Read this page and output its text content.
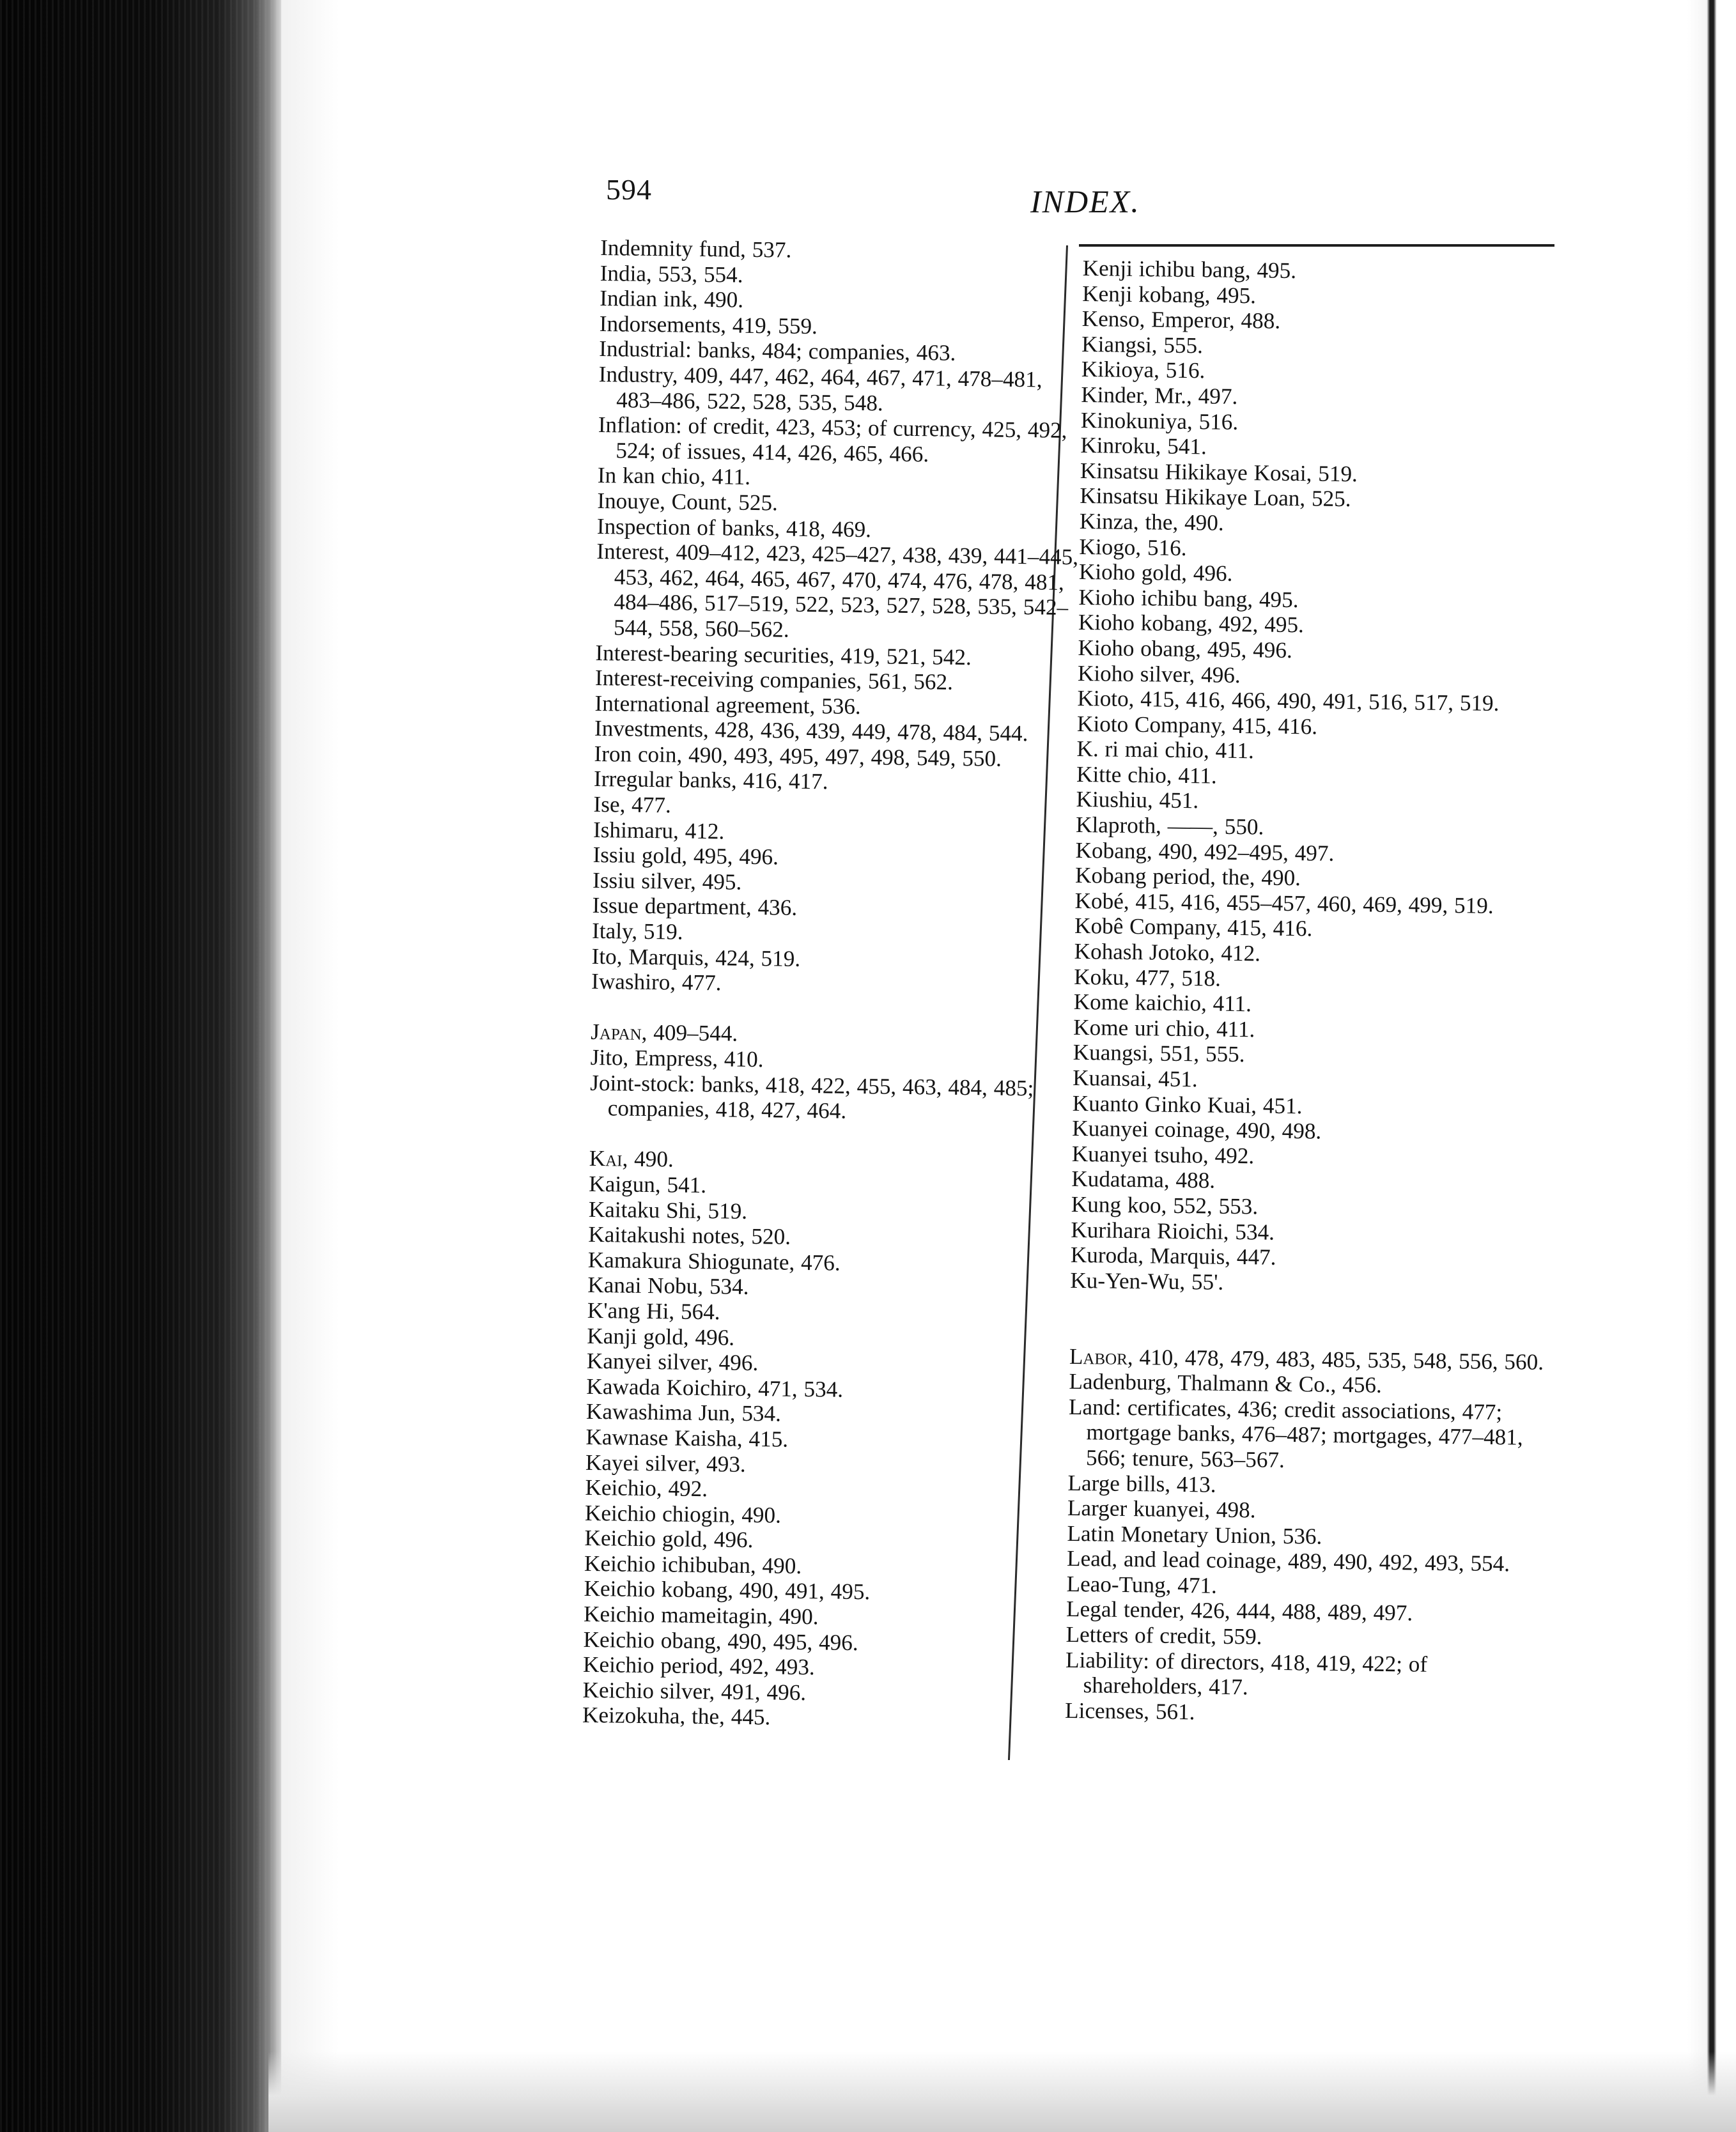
594	INDEX.
Indemnity fund, 537.
India, 553, 554.
Indian ink, 490.
Indorsements, 419, 559.
Industrial: banks, 484; companies, 463.
Industry, 409, 447, 462, 464, 467, 471, 478–481, 483–486, 522, 528, 535, 548.
Inflation: of credit, 423, 453; of currency, 425, 492, 524; of issues, 414, 426, 465, 466.
In kan chio, 411.
Inouye, Count, 525.
Inspection of banks, 418, 469.
Interest, 409–412, 423, 425–427, 438, 439, 441–445, 453, 462, 464, 465, 467, 470, 474, 476, 478, 481, 484–486, 517–519, 522, 523, 527, 528, 535, 542–544, 558, 560–562.
Interest-bearing securities, 419, 521, 542.
Interest-receiving companies, 561, 562.
International agreement, 536.
Investments, 428, 436, 439, 449, 478, 484, 544.
Iron coin, 490, 493, 495, 497, 498, 549, 550.
Irregular banks, 416, 417.
Ise, 477.
Ishimaru, 412.
Issiu gold, 495, 496.
Issiu silver, 495.
Issue department, 436.
Italy, 519.
Ito, Marquis, 424, 519.
Iwashiro, 477.
Japan, 409–544.
Jito, Empress, 410.
Joint-stock: banks, 418, 422, 455, 463, 484, 485; companies, 418, 427, 464.
Kai, 490.
Kaigun, 541.
Kaitaku Shi, 519.
Kaitakushi notes, 520.
Kamakura Shiogunate, 476.
Kanai Nobu, 534.
K'ang Hi, 564.
Kanji gold, 496.
Kanyei silver, 496.
Kawada Koichiro, 471, 534.
Kawashima Jun, 534.
Kawnase Kaisha, 415.
Kayei silver, 493.
Keichio, 492.
Keichio chiogin, 490.
Keichio gold, 496.
Keichio ichibuban, 490.
Keichio kobang, 490, 491, 495.
Keichio mameitagin, 490.
Keichio obang, 490, 495, 496.
Keichio period, 492, 493.
Keichio silver, 491, 496.
Keizokuha, the, 445.
Kenji ichibu bang, 495.
Kenji kobang, 495.
Kenso, Emperor, 488.
Kiangsi, 555.
Kikioya, 516.
Kinder, Mr., 497.
Kinokuniya, 516.
Kinroku, 541.
Kinsatsu Hikikaye Kosai, 519.
Kinsatsu Hikikaye Loan, 525.
Kinza, the, 490.
Kiogo, 516.
Kioho gold, 496.
Kioho ichibu bang, 495.
Kioho kobang, 492, 495.
Kioho obang, 495, 496.
Kioho silver, 496.
Kioto, 415, 416, 466, 490, 491, 516, 517, 519.
Kioto Company, 415, 416.
K. ri mai chio, 411.
Kitte chio, 411.
Kiushiu, 451.
Klaproth, ——, 550.
Kobang, 490, 492–495, 497.
Kobang period, the, 490.
Kobé, 415, 416, 455–457, 460, 469, 499, 519.
Kobê Company, 415, 416.
Kohash Jotoko, 412.
Koku, 477, 518.
Kome kaichio, 411.
Kome uri chio, 411.
Kuangsi, 551, 555.
Kuansai, 451.
Kuanto Ginko Kuai, 451.
Kuanyei coinage, 490, 498.
Kuanyei tsuho, 492.
Kudatama, 488.
Kung koo, 552, 553.
Kurihara Rioichi, 534.
Kuroda, Marquis, 447.
Ku-Yen-Wu, 55'.
Labor, 410, 478, 479, 483, 485, 535, 548, 556, 560.
Ladenburg, Thalmann & Co., 456.
Land: certificates, 436; credit associations, 477; mortgage banks, 476–487; mortgages, 477–481, 566; tenure, 563–567.
Large bills, 413.
Larger kuanyei, 498.
Latin Monetary Union, 536.
Lead, and lead coinage, 489, 490, 492, 493, 554.
Leao-Tung, 471.
Legal tender, 426, 444, 488, 489, 497.
Letters of credit, 559.
Liability: of directors, 418, 419, 422; of shareholders, 417.
Licenses, 561.
